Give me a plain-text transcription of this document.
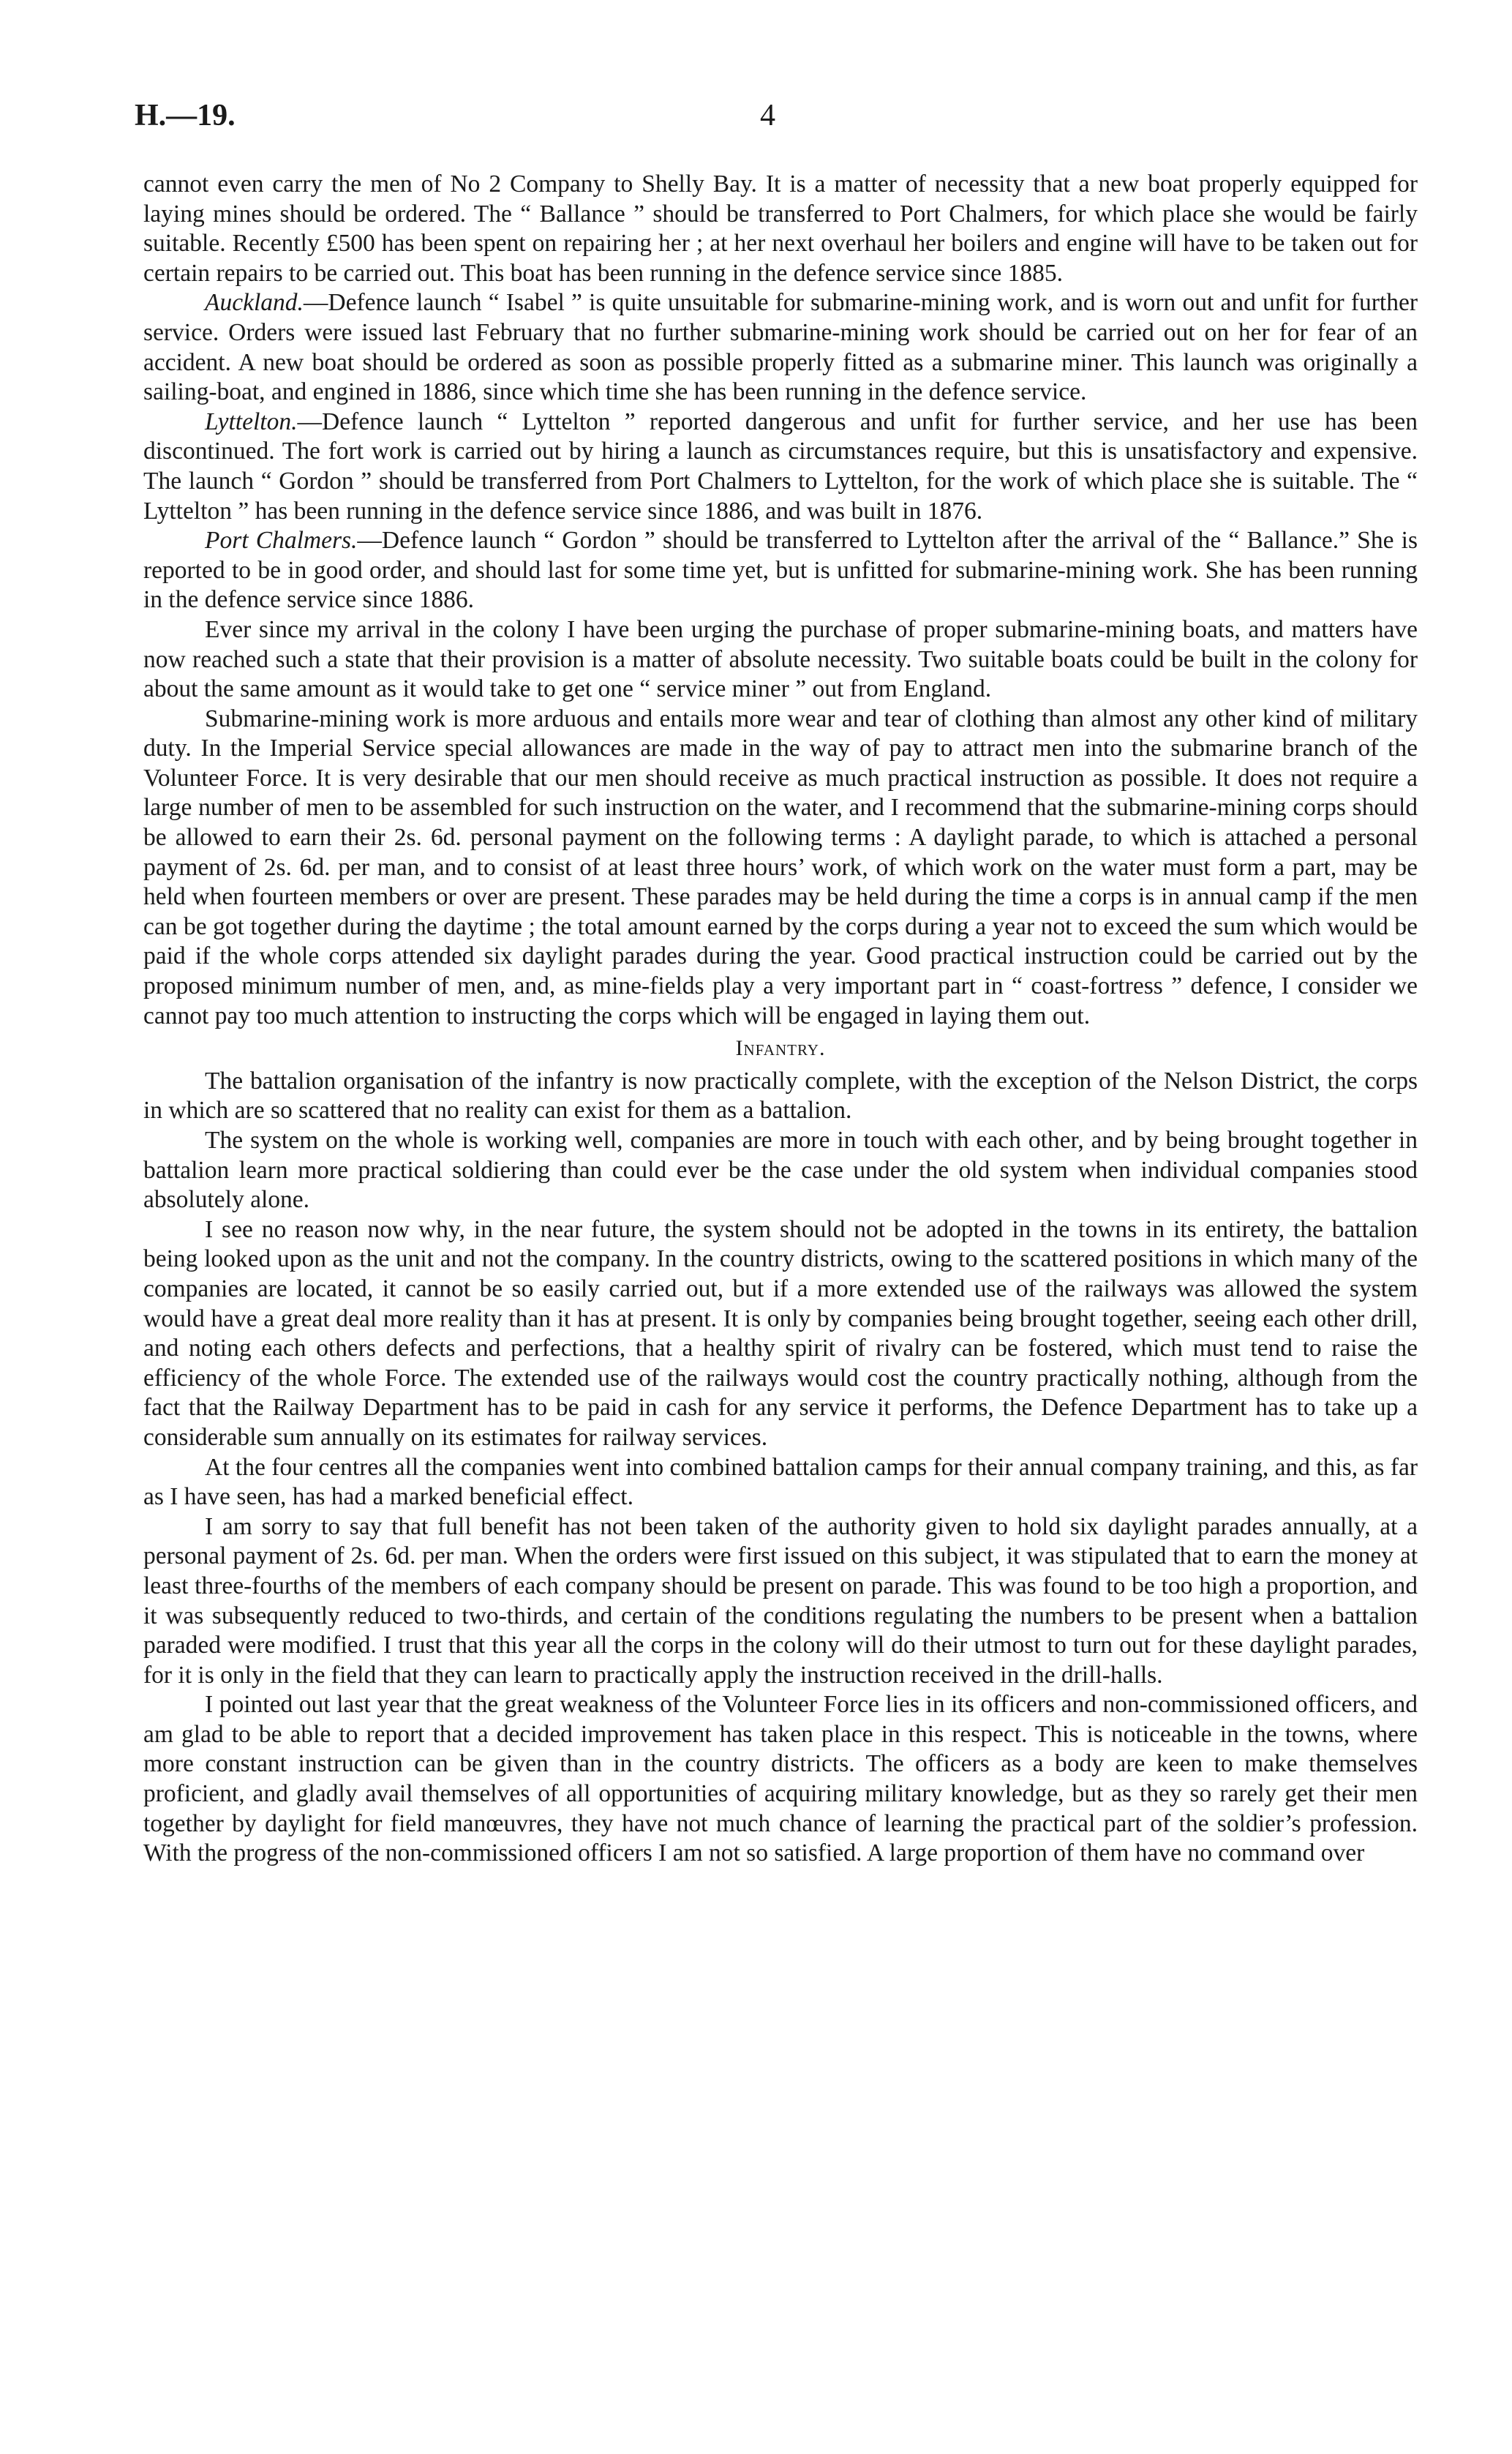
H.—19.	4

cannot even carry the men of No 2 Company to Shelly Bay. It is a matter of necessity that a new boat properly equipped for laying mines should be ordered. The “ Ballance ” should be transferred to Port Chalmers, for which place she would be fairly suitable. Recently £500 has been spent on repairing her ; at her next overhaul her boilers and engine will have to be taken out for certain repairs to be carried out. This boat has been running in the defence service since 1885.

Auckland.—Defence launch “ Isabel ” is quite unsuitable for submarine-mining work, and is worn out and unfit for further service. Orders were issued last February that no further submarine-mining work should be carried out on her for fear of an accident. A new boat should be ordered as soon as possible properly fitted as a submarine miner. This launch was originally a sailing-boat, and engined in 1886, since which time she has been running in the defence service.

Lyttelton.—Defence launch “ Lyttelton ” reported dangerous and unfit for further service, and her use has been discontinued. The fort work is carried out by hiring a launch as circumstances require, but this is unsatisfactory and expensive. The launch “ Gordon ” should be transferred from Port Chalmers to Lyttelton, for the work of which place she is suitable. The “ Lyttelton ” has been running in the defence service since 1886, and was built in 1876.

Port Chalmers.—Defence launch “ Gordon ” should be transferred to Lyttelton after the arrival of the “ Ballance.” She is reported to be in good order, and should last for some time yet, but is unfitted for submarine-mining work. She has been running in the defence service since 1886.

Ever since my arrival in the colony I have been urging the purchase of proper submarine-mining boats, and matters have now reached such a state that their provision is a matter of absolute necessity. Two suitable boats could be built in the colony for about the same amount as it would take to get one “ service miner ” out from England.

Submarine-mining work is more arduous and entails more wear and tear of clothing than almost any other kind of military duty. In the Imperial Service special allowances are made in the way of pay to attract men into the submarine branch of the Volunteer Force. It is very desirable that our men should receive as much practical instruction as possible. It does not require a large number of men to be assembled for such instruction on the water, and I recommend that the submarine-mining corps should be allowed to earn their 2s. 6d. personal payment on the following terms : A daylight parade, to which is attached a personal payment of 2s. 6d. per man, and to consist of at least three hours’ work, of which work on the water must form a part, may be held when fourteen members or over are present. These parades may be held during the time a corps is in annual camp if the men can be got together during the daytime ; the total amount earned by the corps during a year not to exceed the sum which would be paid if the whole corps attended six daylight parades during the year. Good practical instruction could be carried out by the proposed minimum number of men, and, as mine-fields play a very important part in “ coast-fortress ” defence, I consider we cannot pay too much attention to instructing the corps which will be engaged in laying them out.

Infantry.

The battalion organisation of the infantry is now practically complete, with the exception of the Nelson District, the corps in which are so scattered that no reality can exist for them as a battalion.

The system on the whole is working well, companies are more in touch with each other, and by being brought together in battalion learn more practical soldiering than could ever be the case under the old system when individual companies stood absolutely alone.

I see no reason now why, in the near future, the system should not be adopted in the towns in its entirety, the battalion being looked upon as the unit and not the company. In the country districts, owing to the scattered positions in which many of the companies are located, it cannot be so easily carried out, but if a more extended use of the railways was allowed the system would have a great deal more reality than it has at present. It is only by companies being brought together, seeing each other drill, and noting each others defects and perfections, that a healthy spirit of rivalry can be fostered, which must tend to raise the efficiency of the whole Force. The extended use of the railways would cost the country practically nothing, although from the fact that the Railway Department has to be paid in cash for any service it performs, the Defence Department has to take up a considerable sum annually on its estimates for railway services.

At the four centres all the companies went into combined battalion camps for their annual company training, and this, as far as I have seen, has had a marked beneficial effect.

I am sorry to say that full benefit has not been taken of the authority given to hold six daylight parades annually, at a personal payment of 2s. 6d. per man. When the orders were first issued on this subject, it was stipulated that to earn the money at least three-fourths of the members of each company should be present on parade. This was found to be too high a proportion, and it was subsequently reduced to two-thirds, and certain of the conditions regulating the numbers to be present when a battalion paraded were modified. I trust that this year all the corps in the colony will do their utmost to turn out for these daylight parades, for it is only in the field that they can learn to practically apply the instruction received in the drill-halls.

I pointed out last year that the great weakness of the Volunteer Force lies in its officers and non-commissioned officers, and am glad to be able to report that a decided improvement has taken place in this respect. This is noticeable in the towns, where more constant instruction can be given than in the country districts. The officers as a body are keen to make themselves proficient, and gladly avail themselves of all opportunities of acquiring military knowledge, but as they so rarely get their men together by daylight for field manœuvres, they have not much chance of learning the practical part of the soldier’s profession. With the progress of the non-commissioned officers I am not so satisfied. A large proportion of them have no command over
